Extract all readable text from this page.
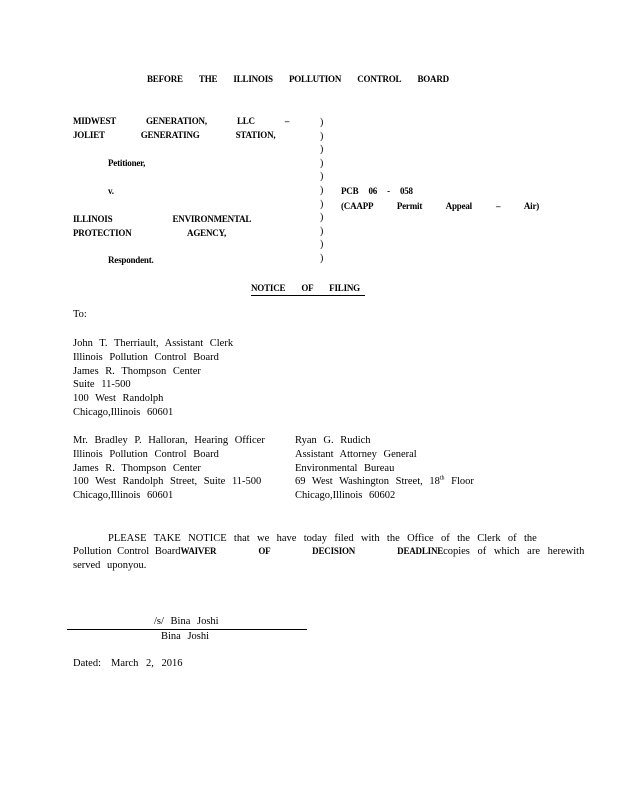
BEFORE THE ILLINOIS POLLUTION CONTROL BOARD
MIDWEST GENERATION, LLC –
JOLIET GENERATING STATION,
Petitioner,
v.
ILLINOIS ENVIRONMENTAL
PROTECTION AGENCY,
Respondent.
)
)
)
)
)
)
)
)
)
)
)
PCB 06 - 058
(CAAPP Permit Appeal – Air)
NOTICE OF FILING
To:
John T. Therriault, Assistant Clerk
Illinois Pollution Control Board
James R. Thompson Center
Suite 11-500
100 West Randolph
Chicago,Illinois 60601
Mr. Bradley P. Halloran, Hearing Officer
Illinois Pollution Control Board
James R. Thompson Center
100 West Randolph Street, Suite 11-500
Chicago,Illinois 60601
Ryan G. Rudich
Assistant Attorney General
Environmental Bureau
69 West Washington Street, 18th Floor
Chicago,Illinois 60602
PLEASE TAKE NOTICE that we have today filed with the Office of the Clerk of the
Pollution Control Board WAIVER OF DECISION DEADLINE copies of which are herewith
served uponyou.
/s/ Bina Joshi
Bina Joshi
Dated: March 2, 2016
